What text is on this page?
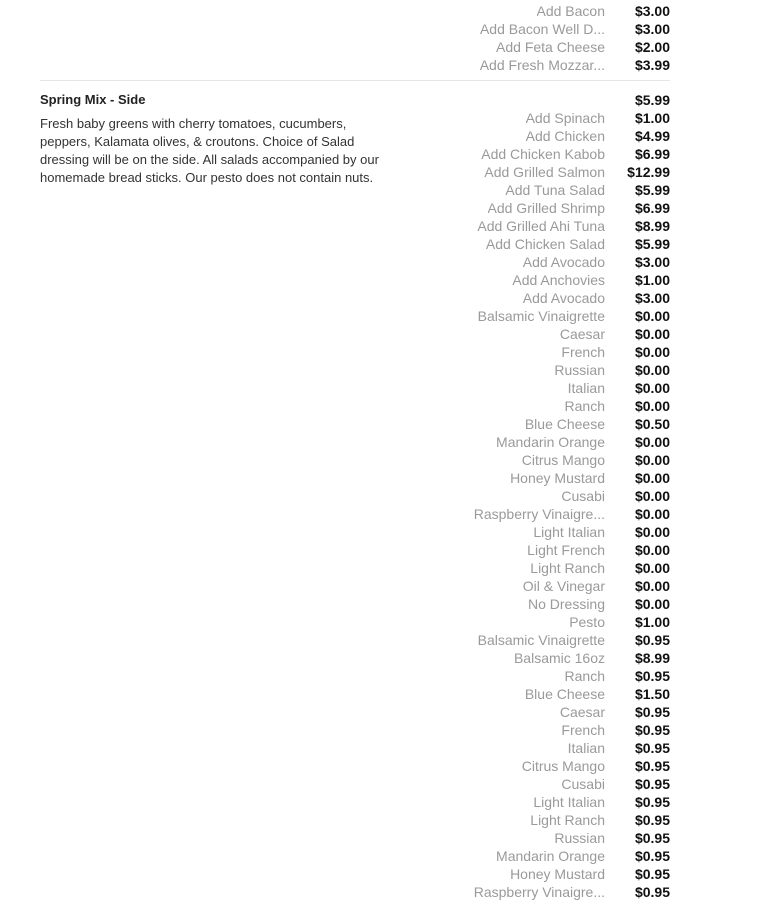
Add Bacon $3.00
Add Bacon Well D... $3.00
Add Feta Cheese $2.00
Add Fresh Mozzar... $3.99
Spring Mix - Side	$5.99
Fresh baby greens with cherry tomatoes, cucumbers, peppers, Kalamata olives, & croutons. Choice of Salad dressing will be on the side. All salads accompanied by our homemade bread sticks. Our pesto does not contain nuts.
Add Spinach $1.00
Add Chicken $4.99
Add Chicken Kabob $6.99
Add Grilled Salmon $12.99
Add Tuna Salad $5.99
Add Grilled Shrimp $6.99
Add Grilled Ahi Tuna $8.99
Add Chicken Salad $5.99
Add Avocado $3.00
Add Anchovies $1.00
Add Avocado $3.00
Balsamic Vinaigrette $0.00
Caesar $0.00
French $0.00
Russian $0.00
Italian $0.00
Ranch $0.00
Blue Cheese $0.50
Mandarin Orange $0.00
Citrus Mango $0.00
Honey Mustard $0.00
Cusabi $0.00
Raspberry Vinaigre... $0.00
Light Italian $0.00
Light French $0.00
Light Ranch $0.00
Oil & Vinegar $0.00
No Dressing $0.00
Pesto $1.00
Balsamic Vinaigrette $0.95
Balsamic 16oz $8.99
Ranch $0.95
Blue Cheese $1.50
Caesar $0.95
French $0.95
Italian $0.95
Citrus Mango $0.95
Cusabi $0.95
Light Italian $0.95
Light Ranch $0.95
Russian $0.95
Mandarin Orange $0.95
Honey Mustard $0.95
Raspberry Vinaigre... $0.95
